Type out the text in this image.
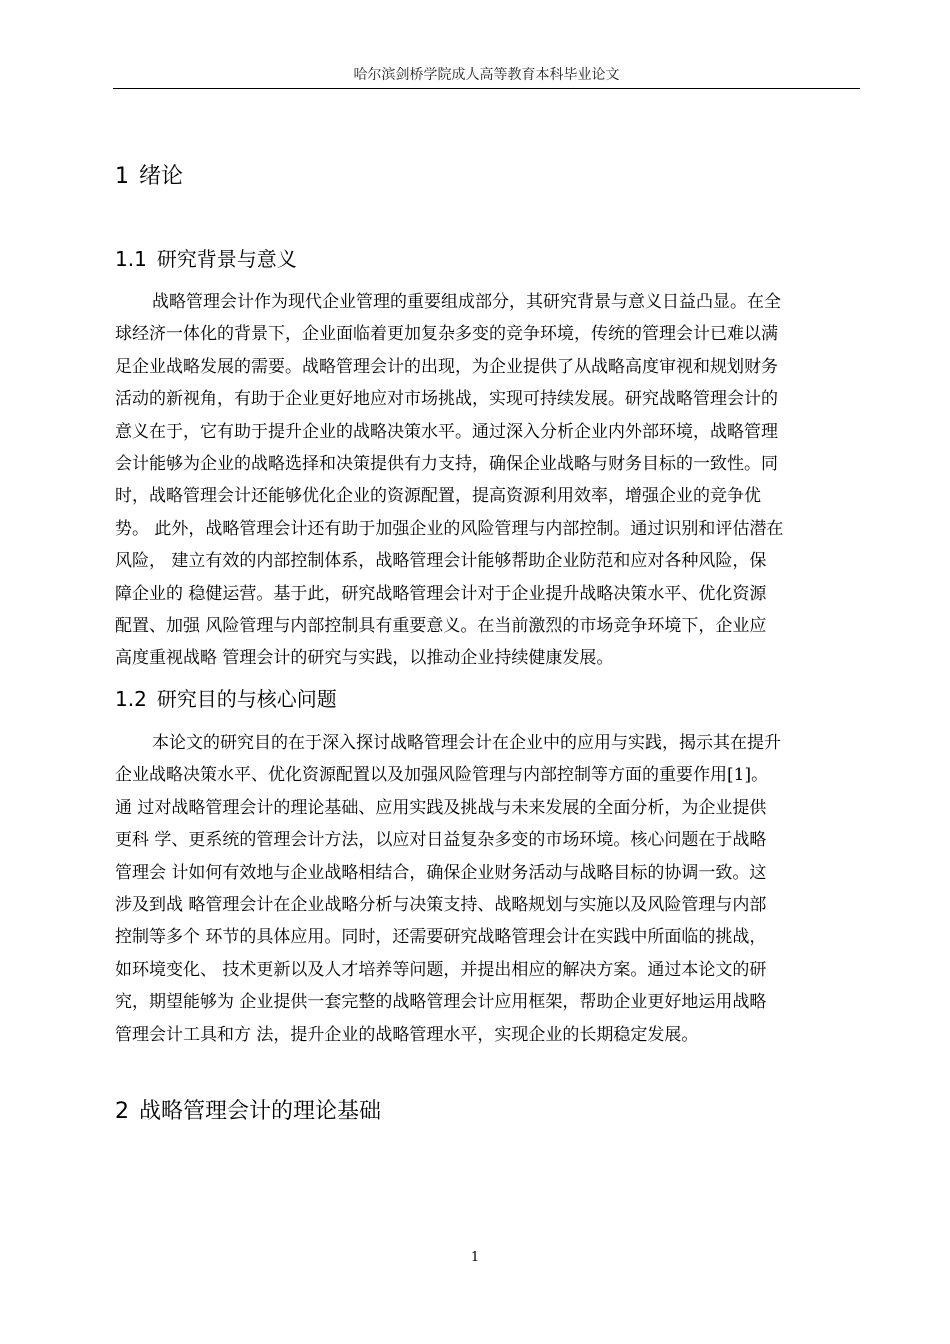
哈尔滨剑桥学院成人高等教育本科毕业论文
1 绪论
1.1 研究背景与意义
战略管理会计作为现代企业管理的重要组成部分，其研究背景与意义日益凸显。在全
球经济一体化的背景下，企业面临着更加复杂多变的竞争环境，传统的管理会计已难以满
足企业战略发展的需要。战略管理会计的出现，为企业提供了从战略高度审视和规划财务
活动的新视角，有助于企业更好地应对市场挑战，实现可持续发展。研究战略管理会计的
意义在于，它有助于提升企业的战略决策水平。通过深入分析企业内外部环境，战略管理
会计能够为企业的战略选择和决策提供有力支持，确保企业战略与财务目标的一致性。同
时，战略管理会计还能够优化企业的资源配置，提高资源利用效率，增强企业的竞争优
势。 此外，战略管理会计还有助于加强企业的风险管理与内部控制。通过识别和评估潜在
风险， 建立有效的内部控制体系，战略管理会计能够帮助企业防范和应对各种风险，保
障企业的 稳健运营。基于此，研究战略管理会计对于企业提升战略决策水平、优化资源
配置、加强 风险管理与内部控制具有重要意义。在当前激烈的市场竞争环境下，企业应
高度重视战略 管理会计的研究与实践，以推动企业持续健康发展。
1.2 研究目的与核心问题
本论文的研究目的在于深入探讨战略管理会计在企业中的应用与实践，揭示其在提升
企业战略决策水平、优化资源配置以及加强风险管理与内部控制等方面的重要作用[1]。
通 过对战略管理会计的理论基础、应用实践及挑战与未来发展的全面分析，为企业提供
更科 学、更系统的管理会计方法，以应对日益复杂多变的市场环境。核心问题在于战略
管理会 计如何有效地与企业战略相结合，确保企业财务活动与战略目标的协调一致。这
涉及到战 略管理会计在企业战略分析与决策支持、战略规划与实施以及风险管理与内部
控制等多个 环节的具体应用。同时，还需要研究战略管理会计在实践中所面临的挑战，
如环境变化、 技术更新以及人才培养等问题，并提出相应的解决方案。通过本论文的研
究，期望能够为 企业提供一套完整的战略管理会计应用框架，帮助企业更好地运用战略
管理会计工具和方 法，提升企业的战略管理水平，实现企业的长期稳定发展。
2 战略管理会计的理论基础
1
